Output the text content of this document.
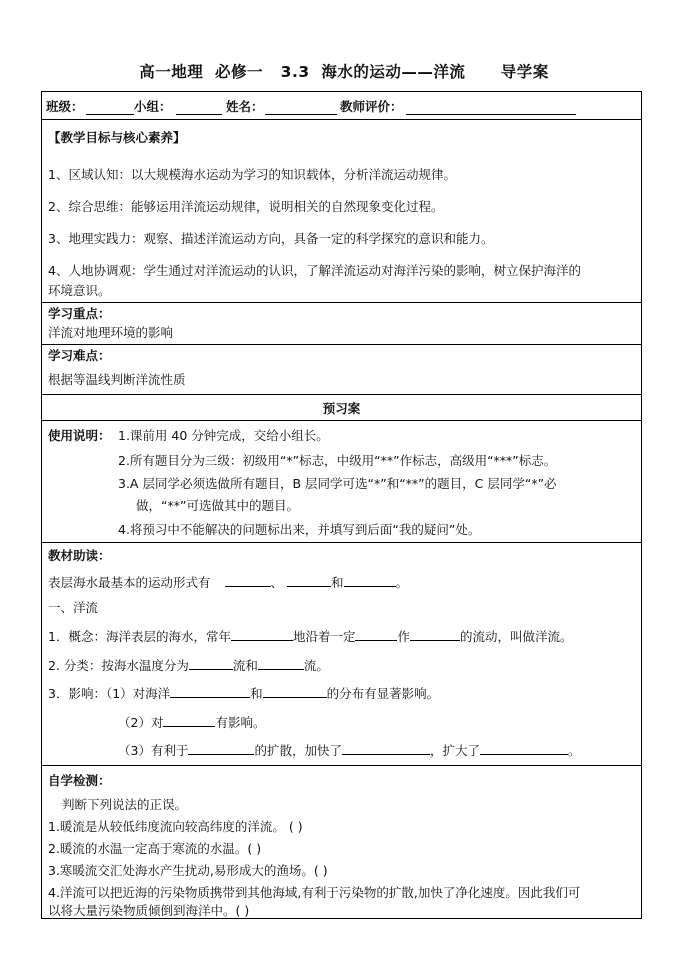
高一地理  必修一   3.3  海水的运动——洋流      导学案
班级：	小组：	姓名：	教师评价：
【教学目标与核心素养】
1、区域认知：以大规模海水运动为学习的知识载体，分析洋流运动规律。
2、综合思维：能够运用洋流运动规律，说明相关的自然现象变化过程。
3、地理实践力：观察、描述洋流运动方向，具备一定的科学探究的意识和能力。
4、人地协调观：学生通过对洋流运动的认识，了解洋流运动对海洋污染的影响，树立保护海洋的
环境意识。
学习重点：
洋流对地理环境的影响
学习难点：
根据等温线判断洋流性质
预习案
使用说明： 1.课前用 40 分钟完成，交给小组长。
2.所有题目分为三级：初级用“*”标志，中级用“**”作标志，高级用“***”标志。
3.A 层同学必须选做所有题目，B 层同学可选“*”和“**”的题目，C 层同学“*”必
做，“**”可选做其中的题目。
4.将预习中不能解决的问题标出来，并填写到后面“我的疑问”处。
教材助读：
表层海水最基本的运动形式有	、	和	。
一、洋流
1．概念：海洋表层的海水，常年	地沿着一定	作	的流动，叫做洋流。
2. 分类：按海水温度分为	流和	流。
3．影响：（1）对海洋	和	的分布有显著影响。
（2）对	有影响。
（3）有利于	的扩散，加快了	，扩大了	。
自学检测：
判断下列说法的正误。
1.暖流是从较低纬度流向较高纬度的洋流。 ( )
2.暖流的水温一定高于寒流的水温。( )
3.寒暖流交汇处海水产生扰动,易形成大的渔场。( )
4.洋流可以把近海的污染物质携带到其他海域,有利于污染物的扩散,加快了净化速度。因此我们可
以将大量污染物质倾倒到海洋中。( )
